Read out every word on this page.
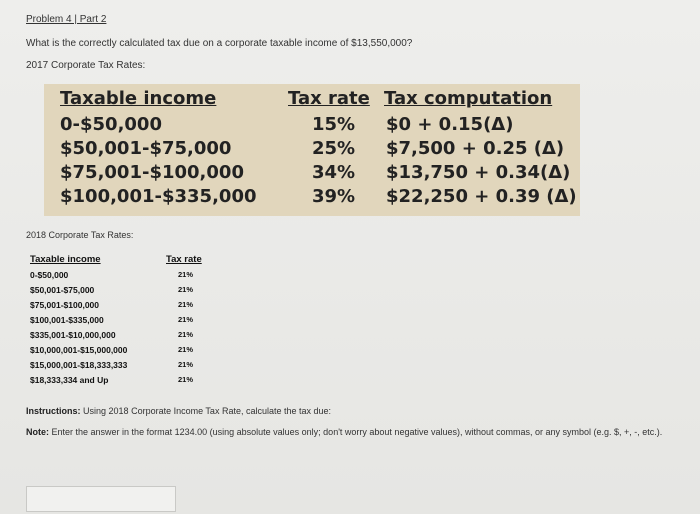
Problem 4 | Part 2
What is the correctly calculated tax due on a corporate taxable income of $13,550,000?
2017 Corporate Tax Rates:
Taxable income	Tax rate Tax computation
0-$50,000	15% $0 + 0.15(Δ)
$50,001-$75,000	25% $7,500 + 0.25 (Δ)
$75,001-$100,000	34% $13,750 + 0.34(Δ)
$100,001-$335,000	39% $22,250 + 0.39 (Δ)
2018 Corporate Tax Rates:
Taxable income	Tax rate
0-$50,000	21%
$50,001-$75,000	21%
$75,001-$100,000	21%
$100,001-$335,000	21%
$335,001-$10,000,000	21%
$10,000,001-$15,000,000	21%
$15,000,001-$18,333,333	21%
$18,333,334 and Up	21%
Instructions: Using 2018 Corporate Income Tax Rate, calculate the tax due:
Note: Enter the answer in the format 1234.00 (using absolute values only; don't worry about negative values), without commas, or any symbol (e.g. $, +, -, etc.).
